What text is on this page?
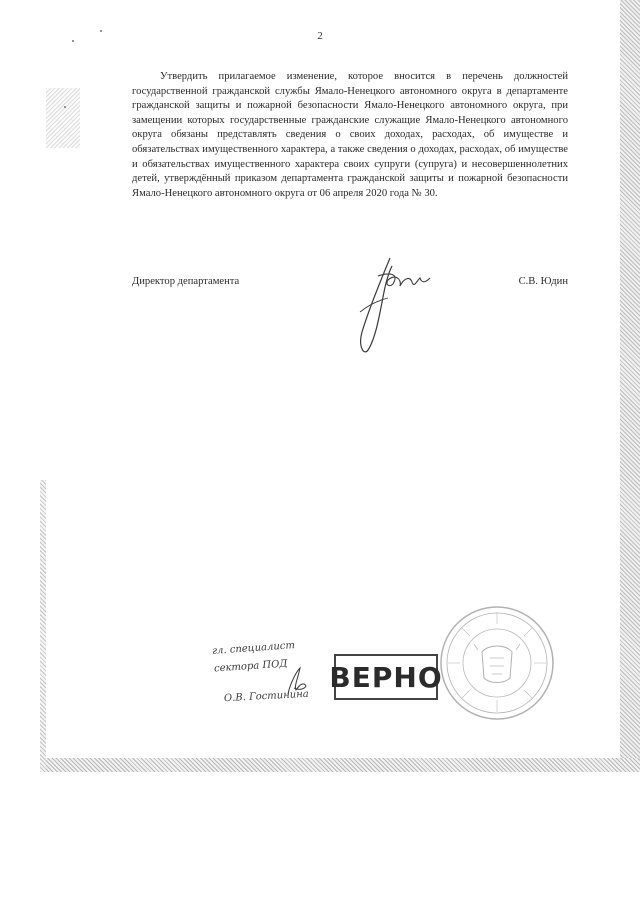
2
Утвердить прилагаемое изменение, которое вносится в перечень должностей государственной гражданской службы Ямало-Ненецкого автономного округа в департаменте гражданской защиты и пожарной безопасности Ямало-Ненецкого автономного округа, при замещении которых государственные гражданские служащие Ямало-Ненецкого автономного округа обязаны представлять сведения о своих доходах, расходах, об имуществе и обязательствах имущественного характера, а также сведения о доходах, расходах, об имуществе и обязательствах имущественного характера своих супруги (супруга) и несовершеннолетних детей, утверждённый приказом департамента гражданской защиты и пожарной безопасности Ямало-Ненецкого автономного округа от 06 апреля 2020 года № 30.
Директор департамента	С.В. Юдин
гл. специалист
сектора ПОД
О.В. Гостинина
ВЕРНО
